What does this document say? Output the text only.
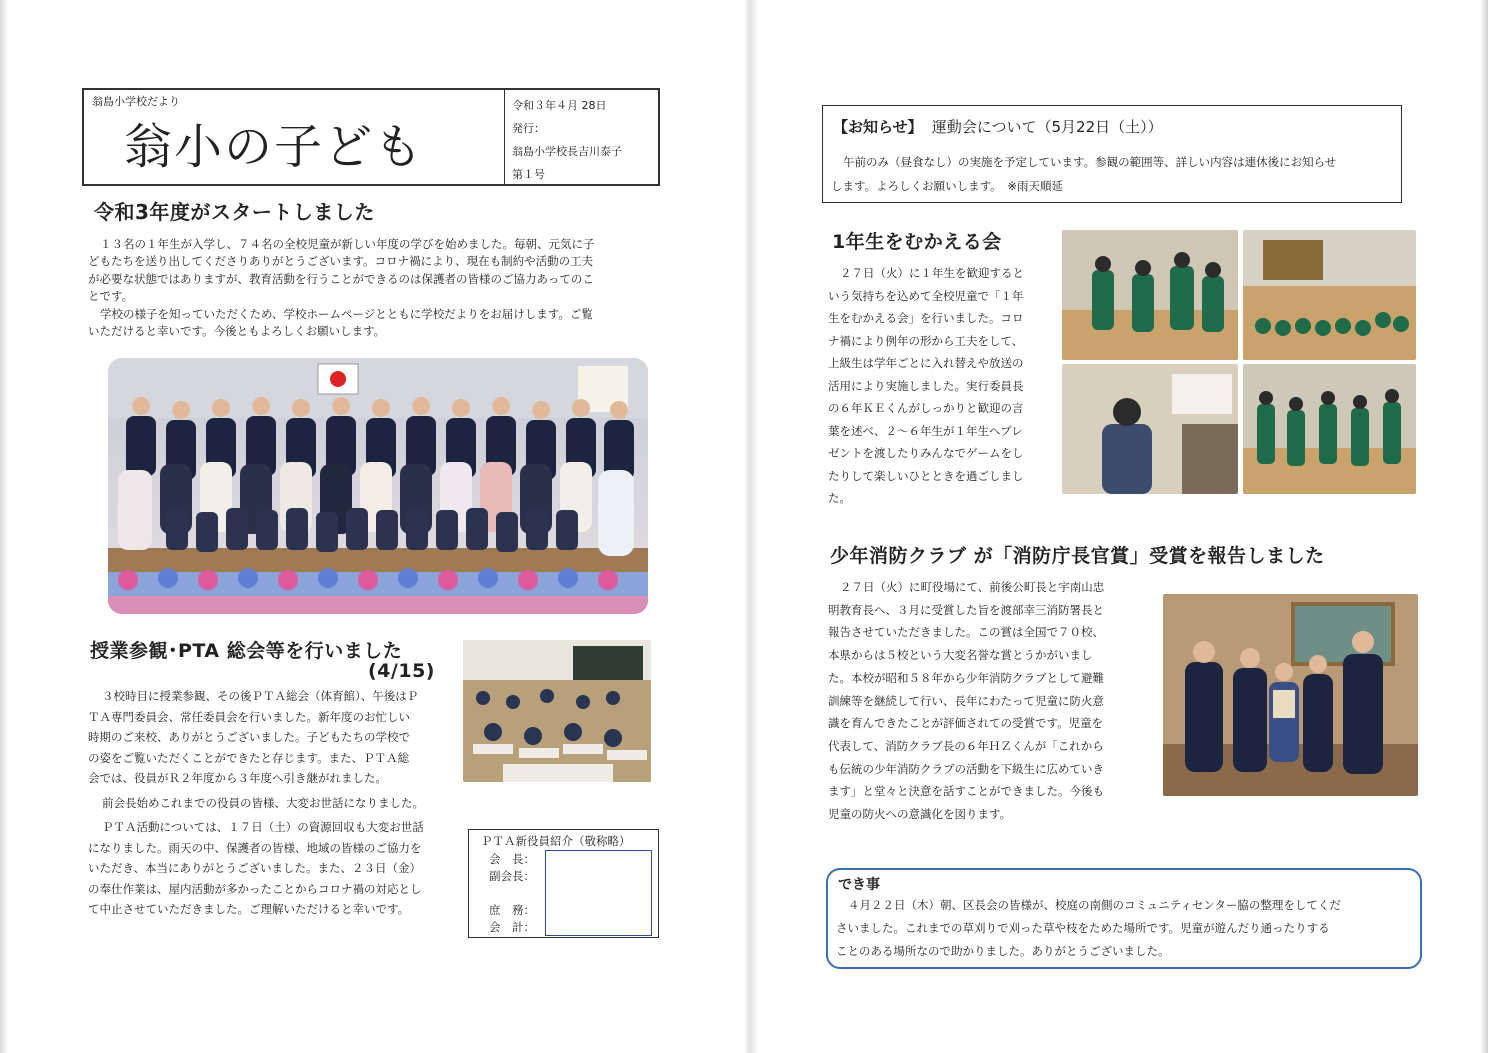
翁島小学校だより
翁小の子ども
令和３年４月 28日
発行：
翁島小学校長吉川泰子
第１号
令和3年度がスタートしました
１３名の１年生が入学し、７４名の全校児童が新しい年度の学びを始めました。毎朝、元気に子
どもたちを送り出してくださりありがとうございます。コロナ禍により、現在も制約や活動の工夫
が必要な状態ではありますが、教育活動を行うことができるのは保護者の皆様のご協力あってのこ
とです。
学校の様子を知っていただくため、学校ホームページとともに学校だよりをお届けします。ご覧
いただけると幸いです。今後ともよろしくお願いします。
授業参観･PTA 総会等を行いました
(4/15)
３校時目に授業参観、その後ＰＴＡ総会（体育館）、午後はＰ
ＴＡ専門委員会、常任委員会を行いました。新年度のお忙しい
時期のご来校、ありがとうございました。子どもたちの学校で
の姿をご覧いただくことができたと存じます。また、ＰＴＡ総
会では、役員がＲ２年度から３年度へ引き継がれました。
前会長始めこれまでの役員の皆様、大変お世話になりました。
ＰＴＡ活動については、１７日（土）の資源回収も大変お世話
になりました。雨天の中、保護者の皆様、地域の皆様のご協力を
いただき、本当にありがとうございました。また、２３日（金）
の奉仕作業は、屋内活動が多かったことからコロナ禍の対応とし
て中止させていただきました。ご理解いただけると幸いです。
ＰＴＡ新役員紹介（敬称略）
会　長：
副会長：
庶　務：
会　計：
【お知らせ】 運動会について（5月22日（土））
午前のみ（昼食なし）の実施を予定しています。参観の範囲等、詳しい内容は連休後にお知らせ
します。よろしくお願いします。　※雨天順延
1年生をむかえる会
２７日（火）に１年生を歓迎すると
いう気持ちを込めて全校児童で「１年
生をむかえる会」を行いました。コロ
ナ禍により例年の形から工夫をして、
上級生は学年ごとに入れ替えや放送の
活用により実施しました。実行委員長
の６年ＫＥくんがしっかりと歓迎の言
葉を述べ、２～６年生が１年生へプレ
ゼントを渡したりみんなでゲームをし
たりして楽しいひとときを過ごしまし
た。
少年消防クラブ が「消防庁長官賞」受賞を報告しました
２７日（火）に町役場にて、前後公町長と宇南山忠
明教育長へ、３月に受賞した旨を渡部幸三消防署長と
報告させていただきました。この賞は全国で７０校、
本県からは５校という大変名誉な賞とうかがいまし
た。本校が昭和５８年から少年消防クラブとして避難
訓練等を継続して行い、長年にわたって児童に防火意
識を育んできたことが評価されての受賞です。児童を
代表して、消防クラブ長の６年ＨＺくんが「これから
も伝統の少年消防クラブの活動を下級生に広めていき
ます」と堂々と決意を話すことができました。今後も
児童の防火への意識化を図ります。
でき事
４月２２日（木）朝、区長会の皆様が、校庭の南側のコミュニティセンター脇の整理をしてくだ
さいました。これまでの草刈りで刈った草や枝をためた場所です。児童が遊んだり通ったりする
ことのある場所なので助かりました。ありがとうございました。
